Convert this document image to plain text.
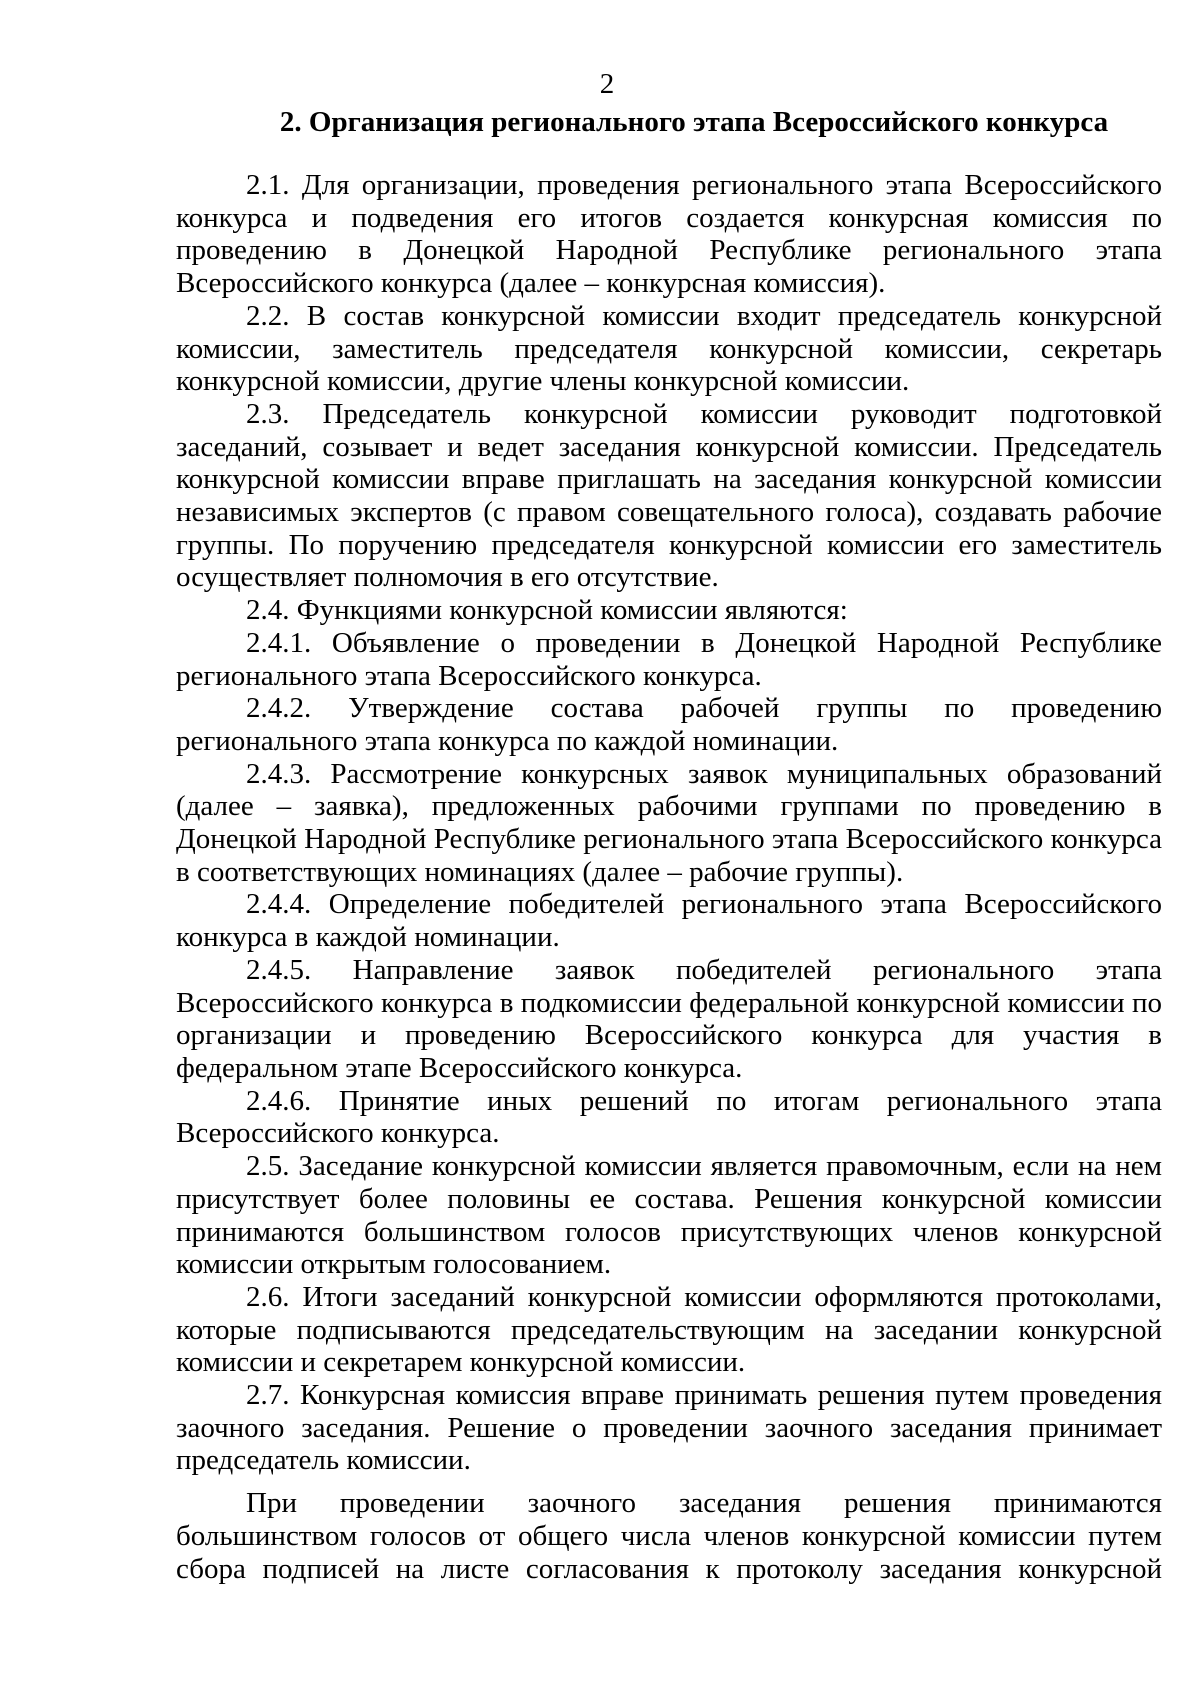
2
2. Организация регионального этапа Всероссийского конкурса

2.1. Для организации, проведения регионального этапа Всероссийского конкурса и подведения его итогов создается конкурсная комиссия по проведению в Донецкой Народной Республике регионального этапа Всероссийского конкурса (далее – конкурсная комиссия).

2.2. В состав конкурсной комиссии входит председатель конкурсной комиссии, заместитель председателя конкурсной комиссии, секретарь конкурсной комиссии, другие члены конкурсной комиссии.

2.3. Председатель конкурсной комиссии руководит подготовкой заседаний, созывает и ведет заседания конкурсной комиссии. Председатель конкурсной комиссии вправе приглашать на заседания конкурсной комиссии независимых экспертов (с правом совещательного голоса), создавать рабочие группы. По поручению председателя конкурсной комиссии его заместитель осуществляет полномочия в его отсутствие.

2.4. Функциями конкурсной комиссии являются:

2.4.1. Объявление о проведении в Донецкой Народной Республике регионального этапа Всероссийского конкурса.

2.4.2. Утверждение состава рабочей группы по проведению регионального этапа конкурса по каждой номинации.

2.4.3. Рассмотрение конкурсных заявок муниципальных образований (далее – заявка), предложенных рабочими группами по проведению в Донецкой Народной Республике регионального этапа Всероссийского конкурса в соответствующих номинациях (далее – рабочие группы).

2.4.4. Определение победителей регионального этапа Всероссийского конкурса в каждой номинации.

2.4.5. Направление заявок победителей регионального этапа Всероссийского конкурса в подкомиссии федеральной конкурсной комиссии по организации и проведению Всероссийского конкурса для участия в федеральном этапе Всероссийского конкурса.

2.4.6. Принятие иных решений по итогам регионального этапа Всероссийского конкурса.

2.5. Заседание конкурсной комиссии является правомочным, если на нем присутствует более половины ее состава. Решения конкурсной комиссии принимаются большинством голосов присутствующих членов конкурсной комиссии открытым голосованием.

2.6. Итоги заседаний конкурсной комиссии оформляются протоколами, которые подписываются председательствующим на заседании конкурсной комиссии и секретарем конкурсной комиссии.

2.7. Конкурсная комиссия вправе принимать решения путем проведения заочного заседания. Решение о проведении заочного заседания принимает председатель комиссии.

При проведении заочного заседания решения принимаются большинством голосов от общего числа членов конкурсной комиссии путем сбора подписей на листе согласования к протоколу заседания конкурсной
